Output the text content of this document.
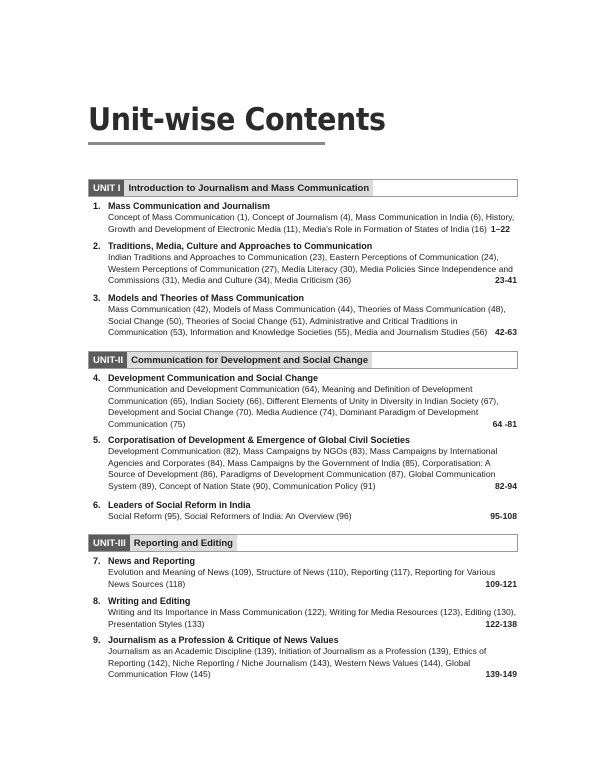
Unit-wise Contents
UNIT I Introduction to Journalism and Mass Communication
1. Mass Communication and Journalism
Concept of Mass Communication (1), Concept of Journalism (4), Mass Communication in India (6), History, Growth and Development of Electronic Media (11), Media's Role in Formation of States of India (16) 1–22
2. Traditions, Media, Culture and Approaches to Communication
23-41
Indian Traditions and Approaches to Communication (23), Eastern Perceptions of Communication (24), Western Perceptions of Communication (27), Media Literacy (30), Media Policies Since Independence and Commissions (31), Media and Culture (34), Media Criticism (36)
3. Models and Theories of Mass Communication
42-63
Mass Communication (42), Models of Mass Communication (44), Theories of Mass Communication (48), Social Change (50), Theories of Social Change (51), Administrative and Critical Traditions in Communication (53), Information and Knowledge Societies (55), Media and Journalism Studies (56)
UNIT-II Communication for Development and Social Change
4. Development Communication and Social Change
64 -81
Communication and Development Communication (64), Meaning and Definition of Development Communication (65), Indian Society (66), Different Elements of Unity in Diversity in Indian Society (67), Development and Social Change (70). Media Audience (74), Dominant Paradigm of Development Communication (75)
5. Corporatisation of Development & Emergence of Global Civil Societies
82-94
Development Communication (82), Mass Campaigns by NGOs (83), Mass Campaigns by International Agencies and Corporates (84), Mass Campaigns by the Government of India (85), Corporatisation: A Source of Development (86), Paradigms of Development Communication (87), Global Communication System (89), Concept of Nation State (90), Communication Policy (91)
6. Leaders of Social Reform in India
Social Reform (95), Social Reformers of India: An Overview (96)	95-108
UNIT-III Reporting and Editing
7. News and Reporting
109-121
Evolution and Meaning of News (109), Structure of News (110), Reporting (117), Reporting for Various News Sources (118)
8. Writing and Editing
122-138
Writing and Its Importance in Mass Communication (122), Writing for Media Resources (123), Editing (130), Presentation Styles (133)
9. Journalism as a Profession & Critique of News Values
139-149
Journalism as an Academic Discipline (139), Initiation of Journalism as a Profession (139), Ethics of Reporting (142), Niche Reporting / Niche Journalism (143), Western News Values (144), Global Communication Flow (145)
